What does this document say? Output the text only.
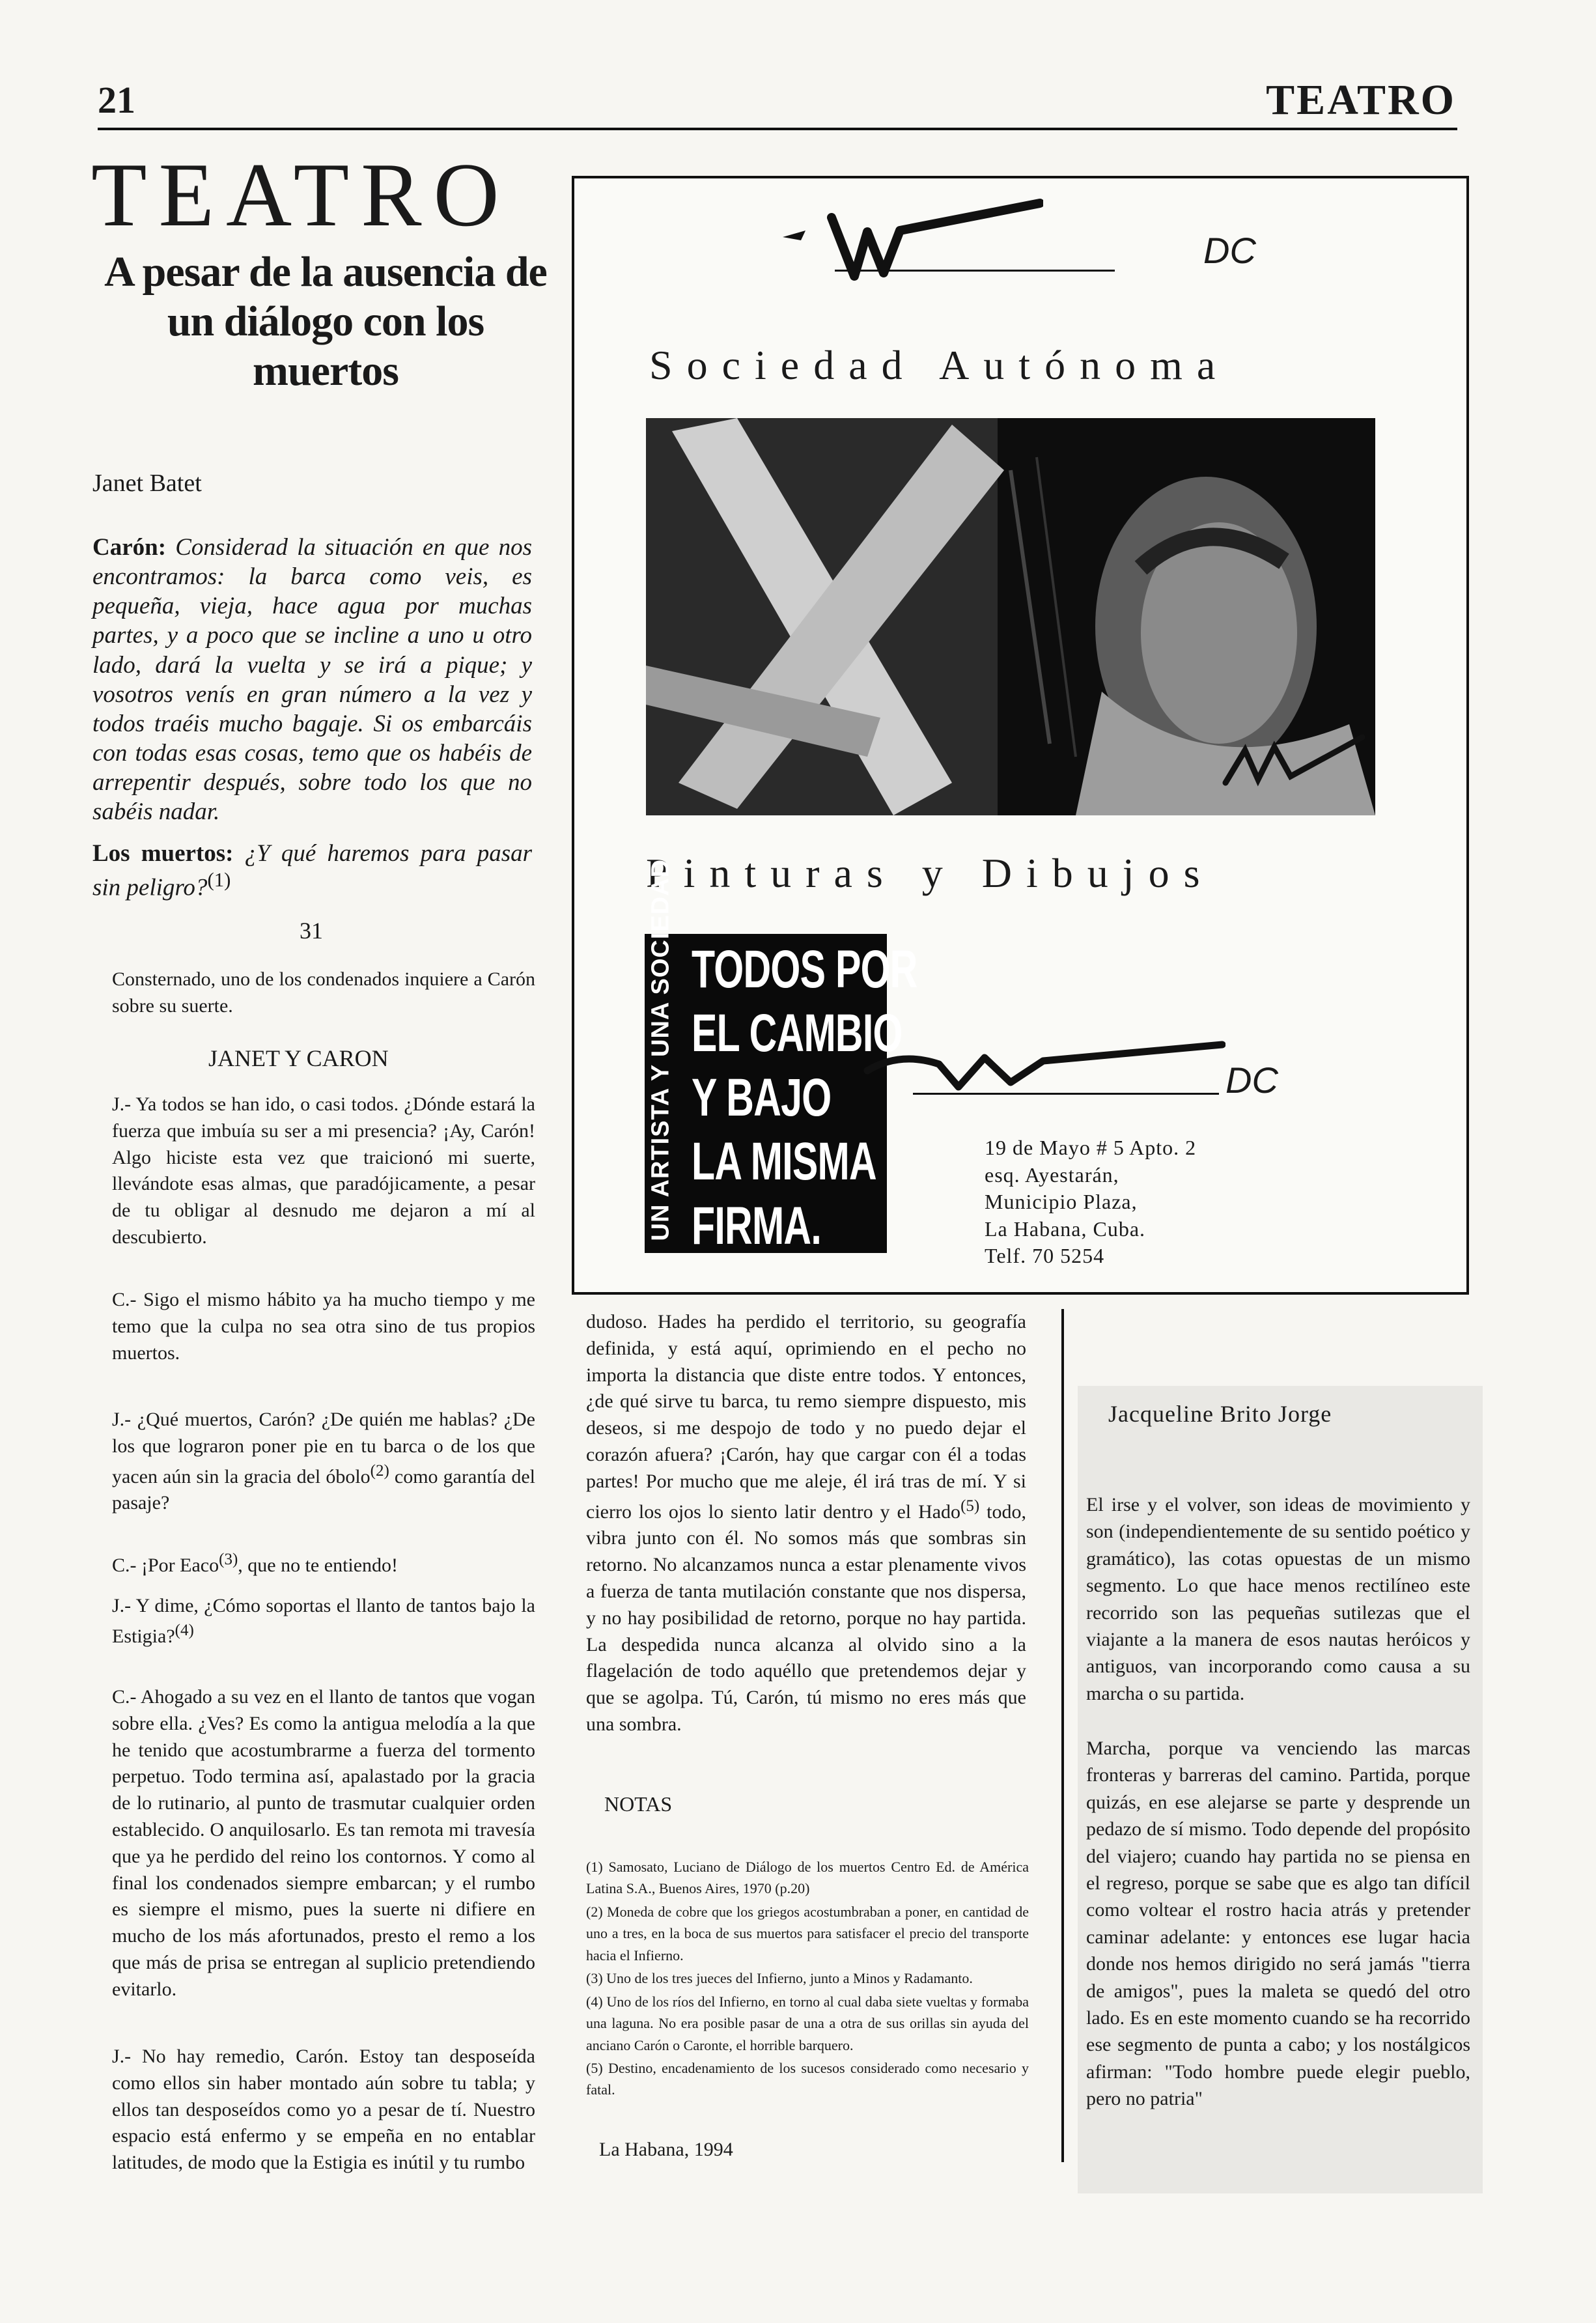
21	TEATRO
TEATRO
A pesar de la ausencia de un diálogo con los muertos
Janet Batet
Carón: Considerad la situación en que nos encontramos: la barca como veis, es pequeña, vieja, hace agua por muchas partes, y a poco que se incline a uno u otro lado, dará la vuelta y se irá a pique; y vosotros venís en gran número a la vez y todos traéis mucho bagaje. Si os embarcáis con todas esas cosas, temo que os habéis de arrepentir después, sobre todo los que no sabéis nadar.
Los muertos: ¿Y qué haremos para pasar sin peligro?$^{(1)}$
31
Consternado, uno de los condenados inquiere a Carón sobre su suerte.
JANET Y CARON
J.- Ya todos se han ido, o casi todos. ¿Dónde estará la fuerza que imbuía su ser a mi presencia? ¡Ay, Carón! Algo hiciste esta vez que traicionó mi suerte, llevándote esas almas, que paradójicamente, a pesar de tu obligar al desnudo me dejaron a mí al descubierto.
C.- Sigo el mismo hábito ya ha mucho tiempo y me temo que la culpa no sea otra sino de tus propios muertos.
J.- ¿Qué muertos, Carón? ¿De quién me hablas? ¿De los que lograron poner pie en tu barca o de los que yacen aún sin la gracia del óbolo$^{(2)}$ como garantía del pasaje?
C.- ¡Por Eaco$^{(3)}$, que no te entiendo!
J.- Y dime, ¿Cómo soportas el llanto de tantos bajo la Estigia?$^{(4)}$
C.- Ahogado a su vez en el llanto de tantos que vogan sobre ella. ¿Ves? Es como la antigua melodía a la que he tenido que acostumbrarme a fuerza del tormento perpetuo. Todo termina así, apalastado por la gracia de lo rutinario, al punto de trasmutar cualquier orden establecido. O anquilosarlo. Es tan remota mi travesía que ya he perdido del reino los contornos. Y como al final los condenados siempre embarcan; y el rumbo es siempre el mismo, pues la suerte ni difiere en mucho de los más afortunados, presto el remo a los que más de prisa se entregan al suplicio pretendiendo evitarlo.
J.- No hay remedio, Carón. Estoy tan desposeída como ellos sin haber montado aún sobre tu tabla; y ellos tan desposeídos como yo a pesar de tí. Nuestro espacio está enfermo y se empeña en no entablar latitudes, de modo que la Estigia es inútil y tu rumbo
dudoso. Hades ha perdido el territorio, su geografía definida, y está aquí, oprimiendo en el pecho no importa la distancia que diste entre todos. Y entonces, ¿de qué sirve tu barca, tu remo siempre dispuesto, mis deseos, si me despojo de todo y no puedo dejar el corazón afuera? ¡Carón, hay que cargar con él a todas partes! Por mucho que me aleje, él irá tras de mí. Y si cierro los ojos lo siento latir dentro y el Hado$^{(5)}$ todo, vibra junto con él. No somos más que sombras sin retorno. No alcanzamos nunca a estar plenamente vivos a fuerza de tanta mutilación constante que nos dispersa, y no hay posibilidad de retorno, porque no hay partida. La despedida nunca alcanza al olvido sino a la flagelación de todo aquéllo que pretendemos dejar y que se agolpa. Tú, Carón, tú mismo no eres más que una sombra.
NOTAS

(1) Samosato, Luciano de Diálogo de los muertos Centro Ed. de América Latina S.A., Buenos Aires, 1970 (p.20)

(2) Moneda de cobre que los griegos acostumbraban a poner, en cantidad de uno a tres, en la boca de sus muertos para satisfacer el precio del transporte hacia el Infierno.

(3) Uno de los tres jueces del Infierno, junto a Minos y Radamanto.

(4) Uno de los ríos del Infierno, en torno al cual daba siete vueltas y formaba una laguna. No era posible pasar de una a otra de sus orillas sin ayuda del anciano Carón o Caronte, el horrible barquero.

(5) Destino, encadenamiento de los sucesos considerado como necesario y fatal.

La Habana, 1994
Jacqueline Brito Jorge
El irse y el volver, son ideas de movimiento y son (independientemente de su sentido poético y gramático), las cotas opuestas de un mismo segmento. Lo que hace menos rectilíneo este recorrido son las pequeñas sutilezas que el viajante a la manera de esos nautas heróicos y antiguos, van incorporando como causa a su marcha o su partida.
Marcha, porque va venciendo las marcas fronteras y barreras del camino. Partida, porque quizás, en ese alejarse se parte y desprende un pedazo de sí mismo. Todo depende del propósito del viajero; cuando hay partida no se piensa en el regreso, porque se sabe que es algo tan difícil como voltear el rostro hacia atrás y pretender caminar adelante: y entonces ese lugar hacia donde nos hemos dirigido no será jamás "tierra de amigos", pues la maleta se quedó del otro lado. Es en este momento cuando se ha recorrido ese segmento de punta a cabo; y los nostálgicos afirman: "Todo hombre puede elegir pueblo, pero no patria"
DC
Sociedad Autónoma
Pinturas y Dibujos
UN ARTISTA Y UNA SOCIEDAD TODOS POR
EL CAMBIO
Y BAJO
LA MISMA
FIRMA.
DC
19 de Mayo # 5 Apto. 2
esq. Ayestarán,
Municipio Plaza,
La Habana, Cuba.
Telf. 70 5254
